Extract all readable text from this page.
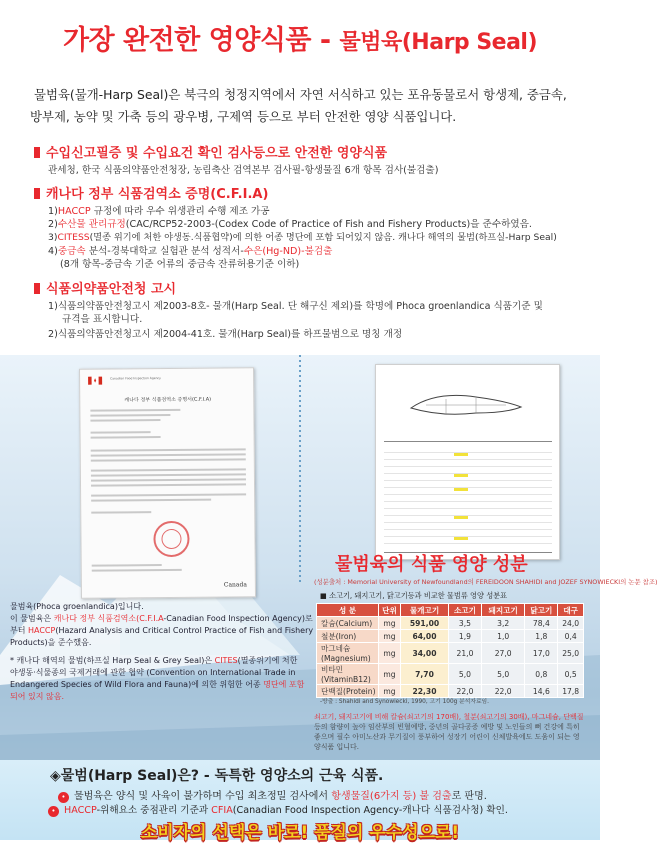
가장 완전한 영양식품 - 물범육(Harp Seal)
물범육(물개-Harp Seal)은 북극의 청정지역에서 자연 서식하고 있는 포유동물로서 항생제, 중금속, 방부제, 농약 및 가축 등의 광우병, 구제역 등으로 부터 안전한 영양 식품입니다.
수입신고필증 및 수입요건 확인 검사등으로 안전한 영양식품
관세청, 한국 식품의약품안전청장, 농림축산 검역본부 검사필-항생물질 6개 항목 검사(불검출)
캐나다 정부 식품검역소 증명(C.F.I.A)
1)HACCP 규정에 따라 우수 위생관리 수행 제조 가공
2)수산물 관리규정(CAC/RCP52-2003-(Codex Code of Practice of Fish and Fishery Products)을 준수하였음.
3)CITESS(멸종 위기에 처한 야생동.식품협약)에 의한 어종 명단에 포함 되어있지 않음. 캐나다 해역의 물범(하프실-Harp Seal)
4)중금속 분석-경북대학교 실험관 분석 성적서-수은(Hg-ND)-불검출
(8개 항목-중금속 기준 어류의 중금속 잔류허용기준 이하)
식품의약품안전청 고시
1)식품의약품안전청고시 제2003-8호- 물개(Harp Seal. 단 해구신 제외)를 학명에 Phoca groenlandica 식품기준 및
규격을 표시합니다.
2)식품의약품안전청고시 제2004-41호. 물개(Harp Seal)를 하프물범으로 명칭 개정
Canadian Food Inspection Agency
캐나다 정부 식품검역소 증명서(C.F.I.A)
Canada
물범육의 식품 영양 성분
(성분출처 : Memorial University of Newfoundland의 FEREIDOON SHAHIDI and JOZEF SYNOWIECKI의 논문 참조)
■ 소고기, 돼지고기, 닭고기등과 비교한 물범류 영양 성분표
성 분	단위	물개고기	소고기	돼지고기	닭고기	대구
칼슘(Calcium)	mg	591,00	3,5	3,2	78,4	24,0
철분(Iron)	mg	64,00	1,9	1,0	1,8	0,4
마그네슘(Magnesium)	mg	34,00	21,0	27,0	17,0	25,0
비타민(VitaminB12)	mg	7,70	5,0	5,0	0,8	0,5
단백질(Protein)	mg	22,30	22,0	22,0	14,6	17,8
-방출 : Shahidi and Synowiecki, 1990, 고기 100g 분석자료임.
쇠고기, 돼지고기에 비해 칼슘(쇠고기의 170배), 철분(쇠고기의 30배), 마그네슘, 단백질 등의 함량이 높아 임산부의 빈혈예방, 중년의 골다공증 예방 및 노인들의 뼈 건강에 특히 좋으며 필수 아미노산과 무기질이 풍부하여 성장기 어린이 신체발육에도 도움이 되는 영양식품 입니다.
물범육(Phoca groenlandica)입니다.
이 물범육은 캐나다 정부 식품검역소(C.F.I.A-Canadian Food Inspection Agency)로
부터 HACCP(Hazard Analysis and Critical Control Practice of Fish and Fishery
Products)을 준수했음.
* 캐나다 해역의 물범(하프실 Harp Seal & Grey Seal)은 CITES(멸종위기에 처한
야생동·식물종의 국제거래에 관한 협약 (Convention on International Trade in
Endangered Species of Wild Flora and Fauna)에 의한 위험한 어종 명단에 포함
되어 있지 않음.
◈물범(Harp Seal)은? - 독특한 영양소의 근육 식품.
• 물범육은 양식 및 사육이 불가하며 수입 최초정밀 검사에서 항생물질(6가지 등) 불 검출로 판명.
• HACCP-위해요소 중점관리 기준과 CFIA(Canadian Food Inspection Agency-캐나다 식품검사청) 확인.
소비자의 선택은 바로! 품질의 우수성으로!
